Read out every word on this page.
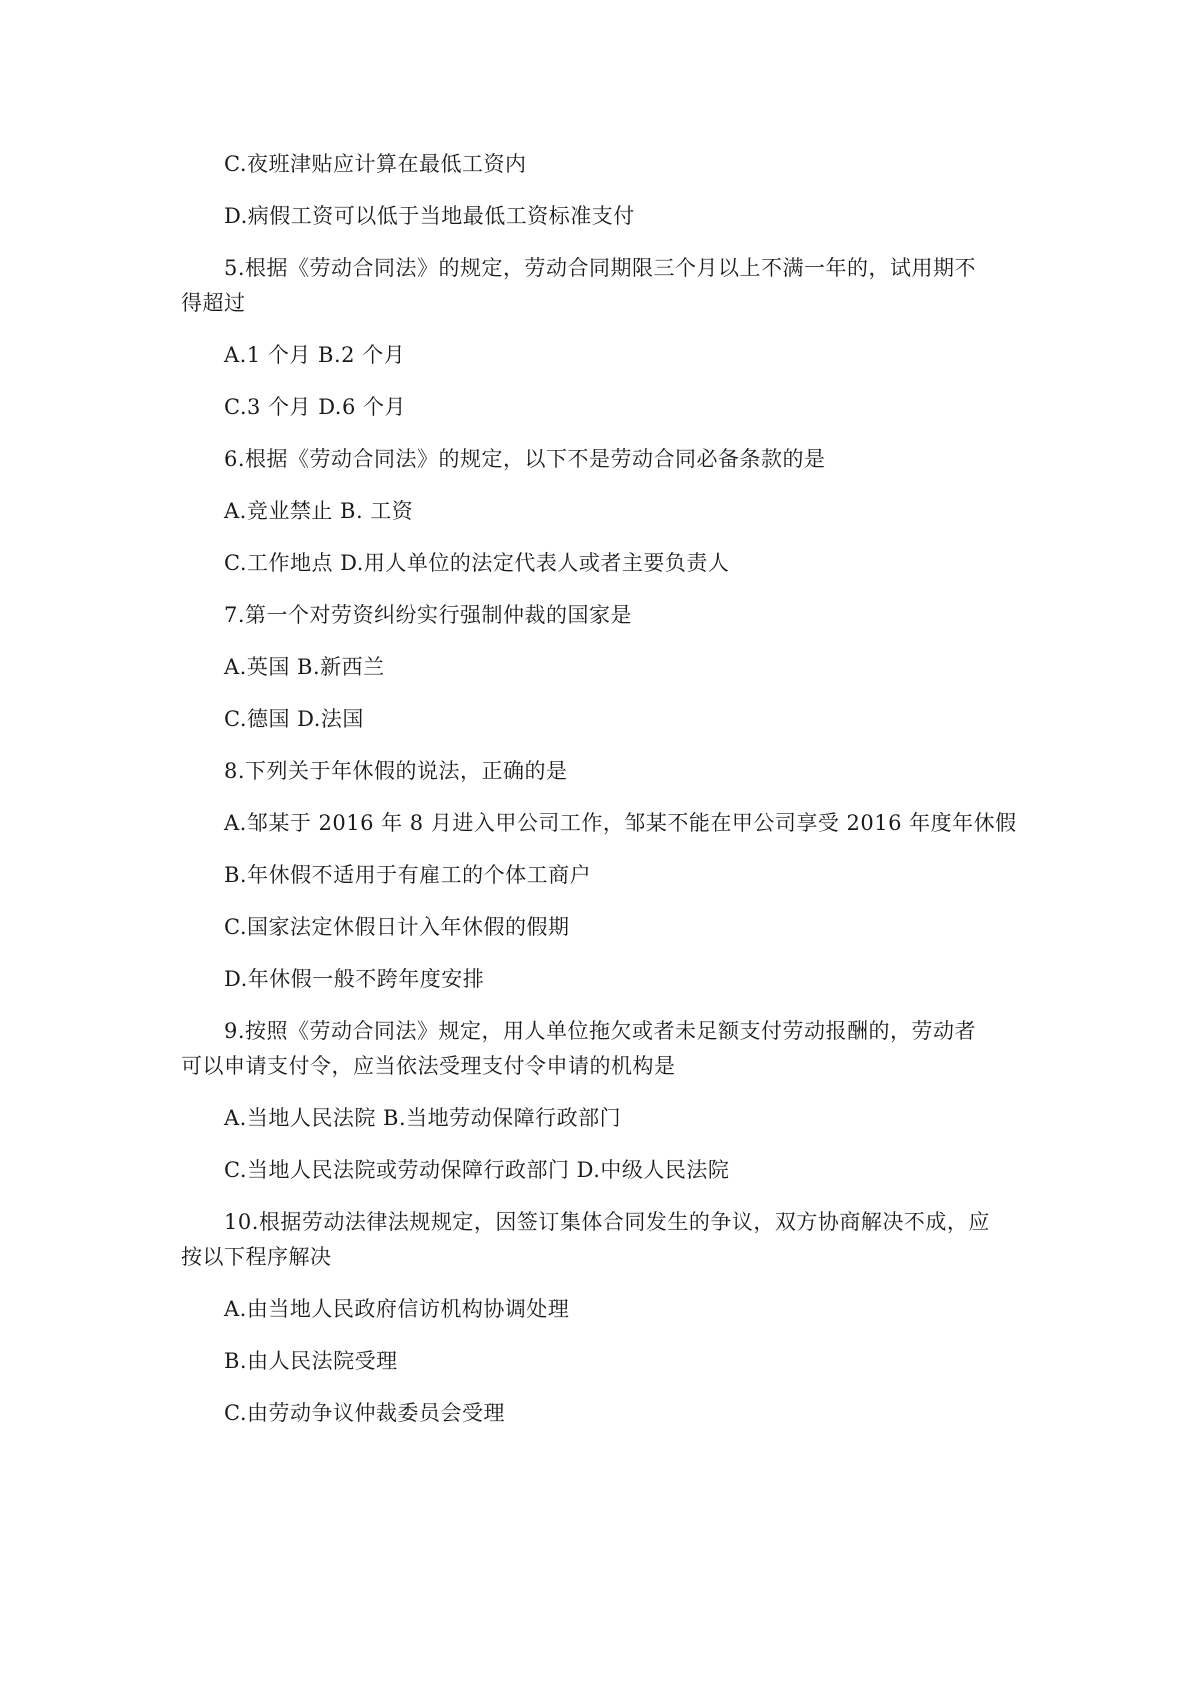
C.夜班津贴应计算在最低工资内
D.病假工资可以低于当地最低工资标准支付
5.根据《劳动合同法》的规定，劳动合同期限三个月以上不满一年的，试用期不
得超过
A.1 个月 B.2 个月
C.3 个月 D.6 个月
6.根据《劳动合同法》的规定，以下不是劳动合同必备条款的是
A.竞业禁止 B. 工资
C.工作地点 D.用人单位的法定代表人或者主要负责人
7.第一个对劳资纠纷实行强制仲裁的国家是
A.英国 B.新西兰
C.德国 D.法国
8.下列关于年休假的说法，正确的是
A.邹某于 2016 年 8 月进入甲公司工作，邹某不能在甲公司享受 2016 年度年休假
B.年休假不适用于有雇工的个体工商户
C.国家法定休假日计入年休假的假期
D.年休假一般不跨年度安排
9.按照《劳动合同法》规定，用人单位拖欠或者未足额支付劳动报酬的，劳动者
可以申请支付令，应当依法受理支付令申请的机构是
A.当地人民法院 B.当地劳动保障行政部门
C.当地人民法院或劳动保障行政部门 D.中级人民法院
10.根据劳动法律法规规定，因签订集体合同发生的争议，双方协商解决不成，应
按以下程序解决
A.由当地人民政府信访机构协调处理
B.由人民法院受理
C.由劳动争议仲裁委员会受理
